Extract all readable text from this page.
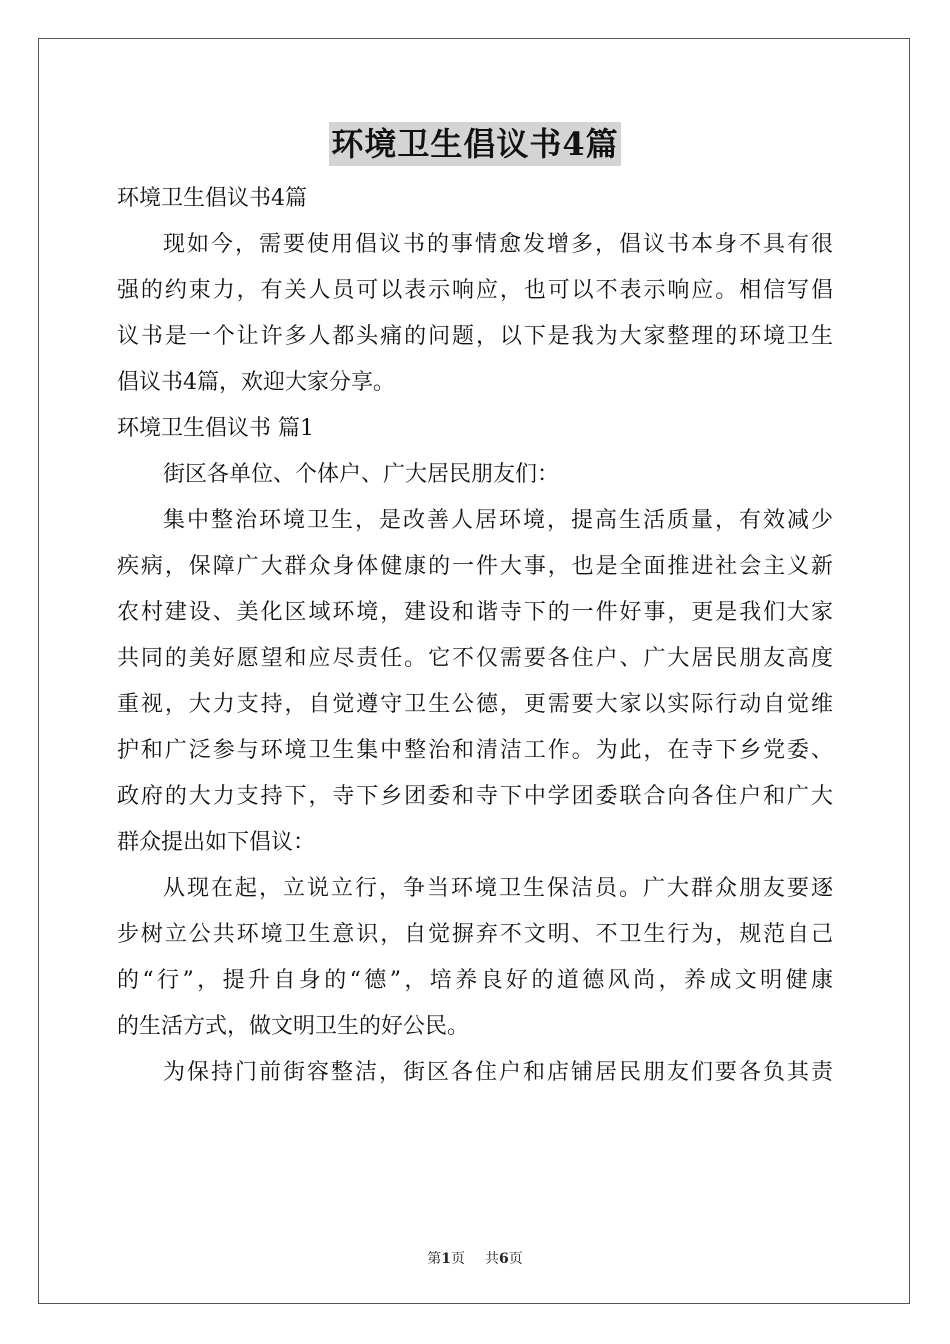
环境卫生倡议书4篇

环境卫生倡议书4篇

现如今，需要使用倡议书的事情愈发增多，倡议书本身不具有很

强的约束力，有关人员可以表示响应，也可以不表示响应。相信写倡

议书是一个让许多人都头痛的问题，以下是我为大家整理的环境卫生

倡议书4篇，欢迎大家分享。

环境卫生倡议书 篇1

街区各单位、个体户、广大居民朋友们：

集中整治环境卫生，是改善人居环境，提高生活质量，有效减少

疾病，保障广大群众身体健康的一件大事，也是全面推进社会主义新

农村建设、美化区域环境，建设和谐寺下的一件好事，更是我们大家

共同的美好愿望和应尽责任。它不仅需要各住户、广大居民朋友高度

重视，大力支持，自觉遵守卫生公德，更需要大家以实际行动自觉维

护和广泛参与环境卫生集中整治和清洁工作。为此，在寺下乡党委、

政府的大力支持下，寺下乡团委和寺下中学团委联合向各住户和广大

群众提出如下倡议：

从现在起，立说立行，争当环境卫生保洁员。广大群众朋友要逐

步树立公共环境卫生意识，自觉摒弃不文明、不卫生行为，规范自己

的“行”，提升自身的“德”，培养良好的道德风尚，养成文明健康

的生活方式，做文明卫生的好公民。

为保持门前街容整洁，街区各住户和店铺居民朋友们要各负其责

第1页 共6页
